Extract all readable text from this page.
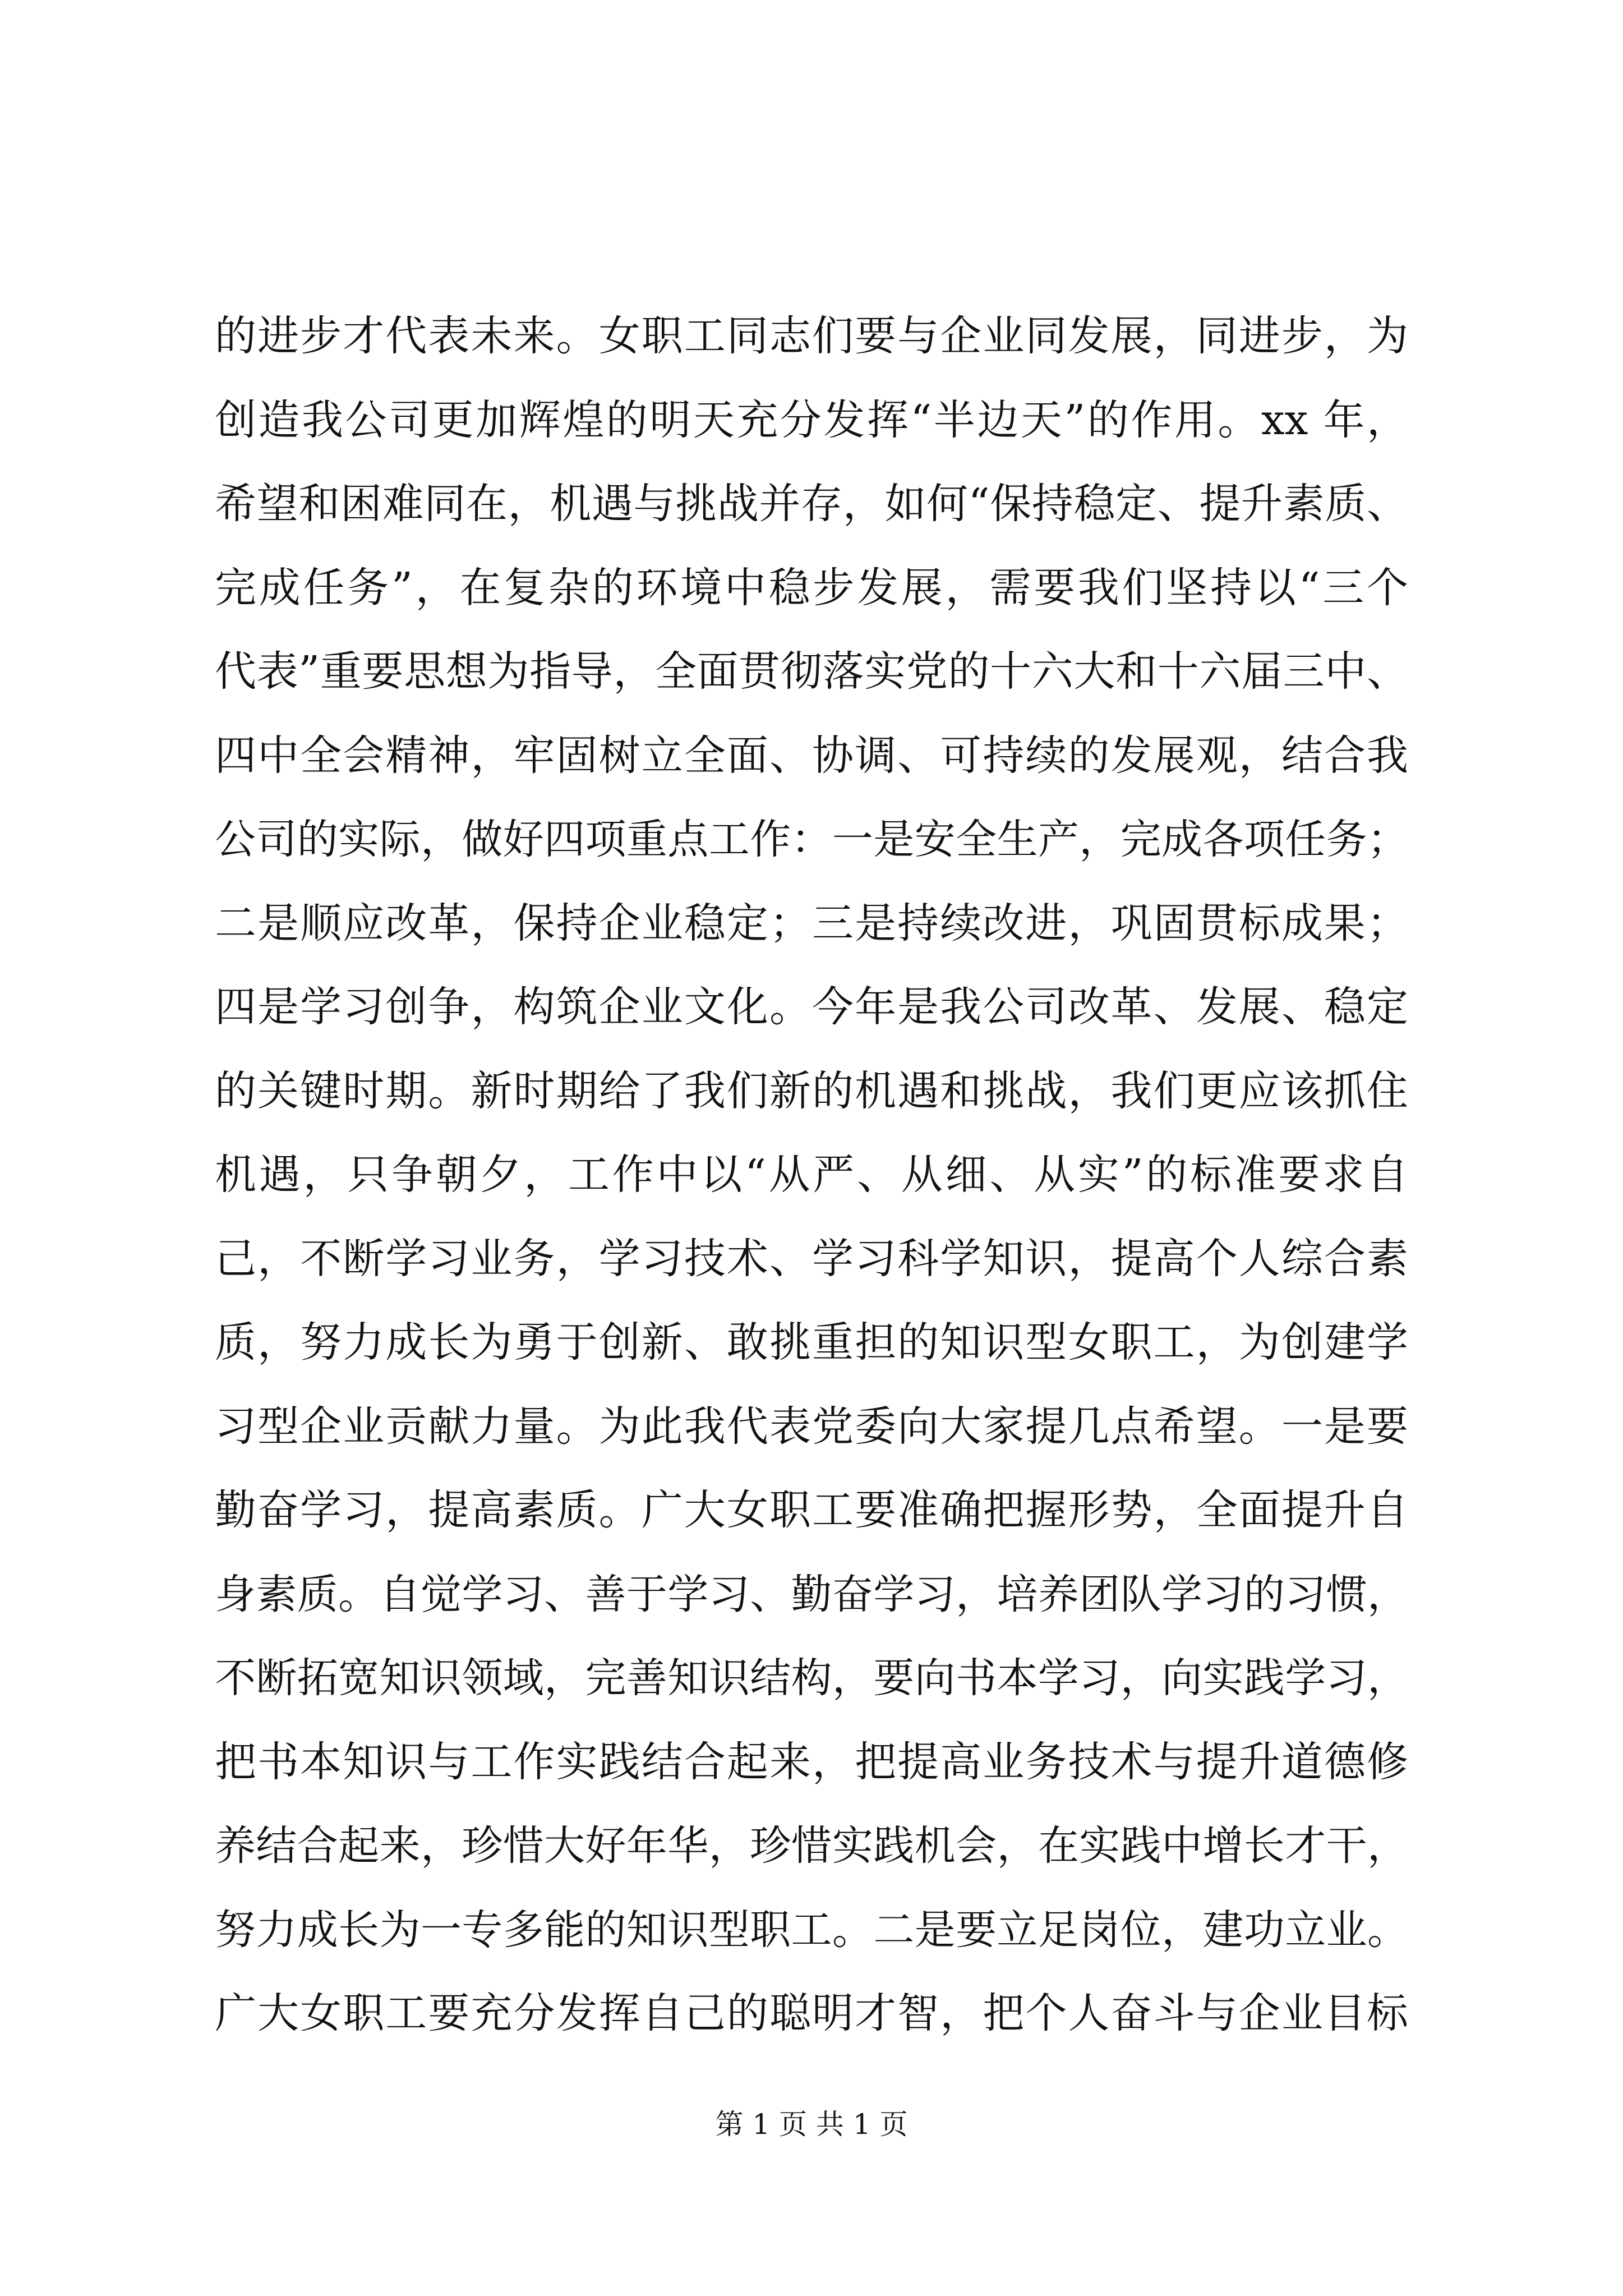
的进步才代表未来。女职工同志们要与企业同发展，同进步，为
创造我公司更加辉煌的明天充分发挥“半边天”的作用。xx 年，
希望和困难同在，机遇与挑战并存，如何“保持稳定、提升素质、
完成任务”，在复杂的环境中稳步发展，需要我们坚持以“三个
代表”重要思想为指导，全面贯彻落实党的十六大和十六届三中、
四中全会精神，牢固树立全面、协调、可持续的发展观，结合我
公司的实际，做好四项重点工作：一是安全生产，完成各项任务；
二是顺应改革，保持企业稳定；三是持续改进，巩固贯标成果；
四是学习创争，构筑企业文化。今年是我公司改革、发展、稳定
的关键时期。新时期给了我们新的机遇和挑战，我们更应该抓住
机遇，只争朝夕，工作中以“从严、从细、从实”的标准要求自
己，不断学习业务，学习技术、学习科学知识，提高个人综合素
质，努力成长为勇于创新、敢挑重担的知识型女职工，为创建学
习型企业贡献力量。为此我代表党委向大家提几点希望。一是要
勤奋学习，提高素质。广大女职工要准确把握形势，全面提升自
身素质。自觉学习、善于学习、勤奋学习，培养团队学习的习惯，
不断拓宽知识领域，完善知识结构，要向书本学习，向实践学习，
把书本知识与工作实践结合起来，把提高业务技术与提升道德修
养结合起来，珍惜大好年华，珍惜实践机会，在实践中增长才干，
努力成长为一专多能的知识型职工。二是要立足岗位，建功立业。
广大女职工要充分发挥自己的聪明才智，把个人奋斗与企业目标
第 1 页 共 1 页
